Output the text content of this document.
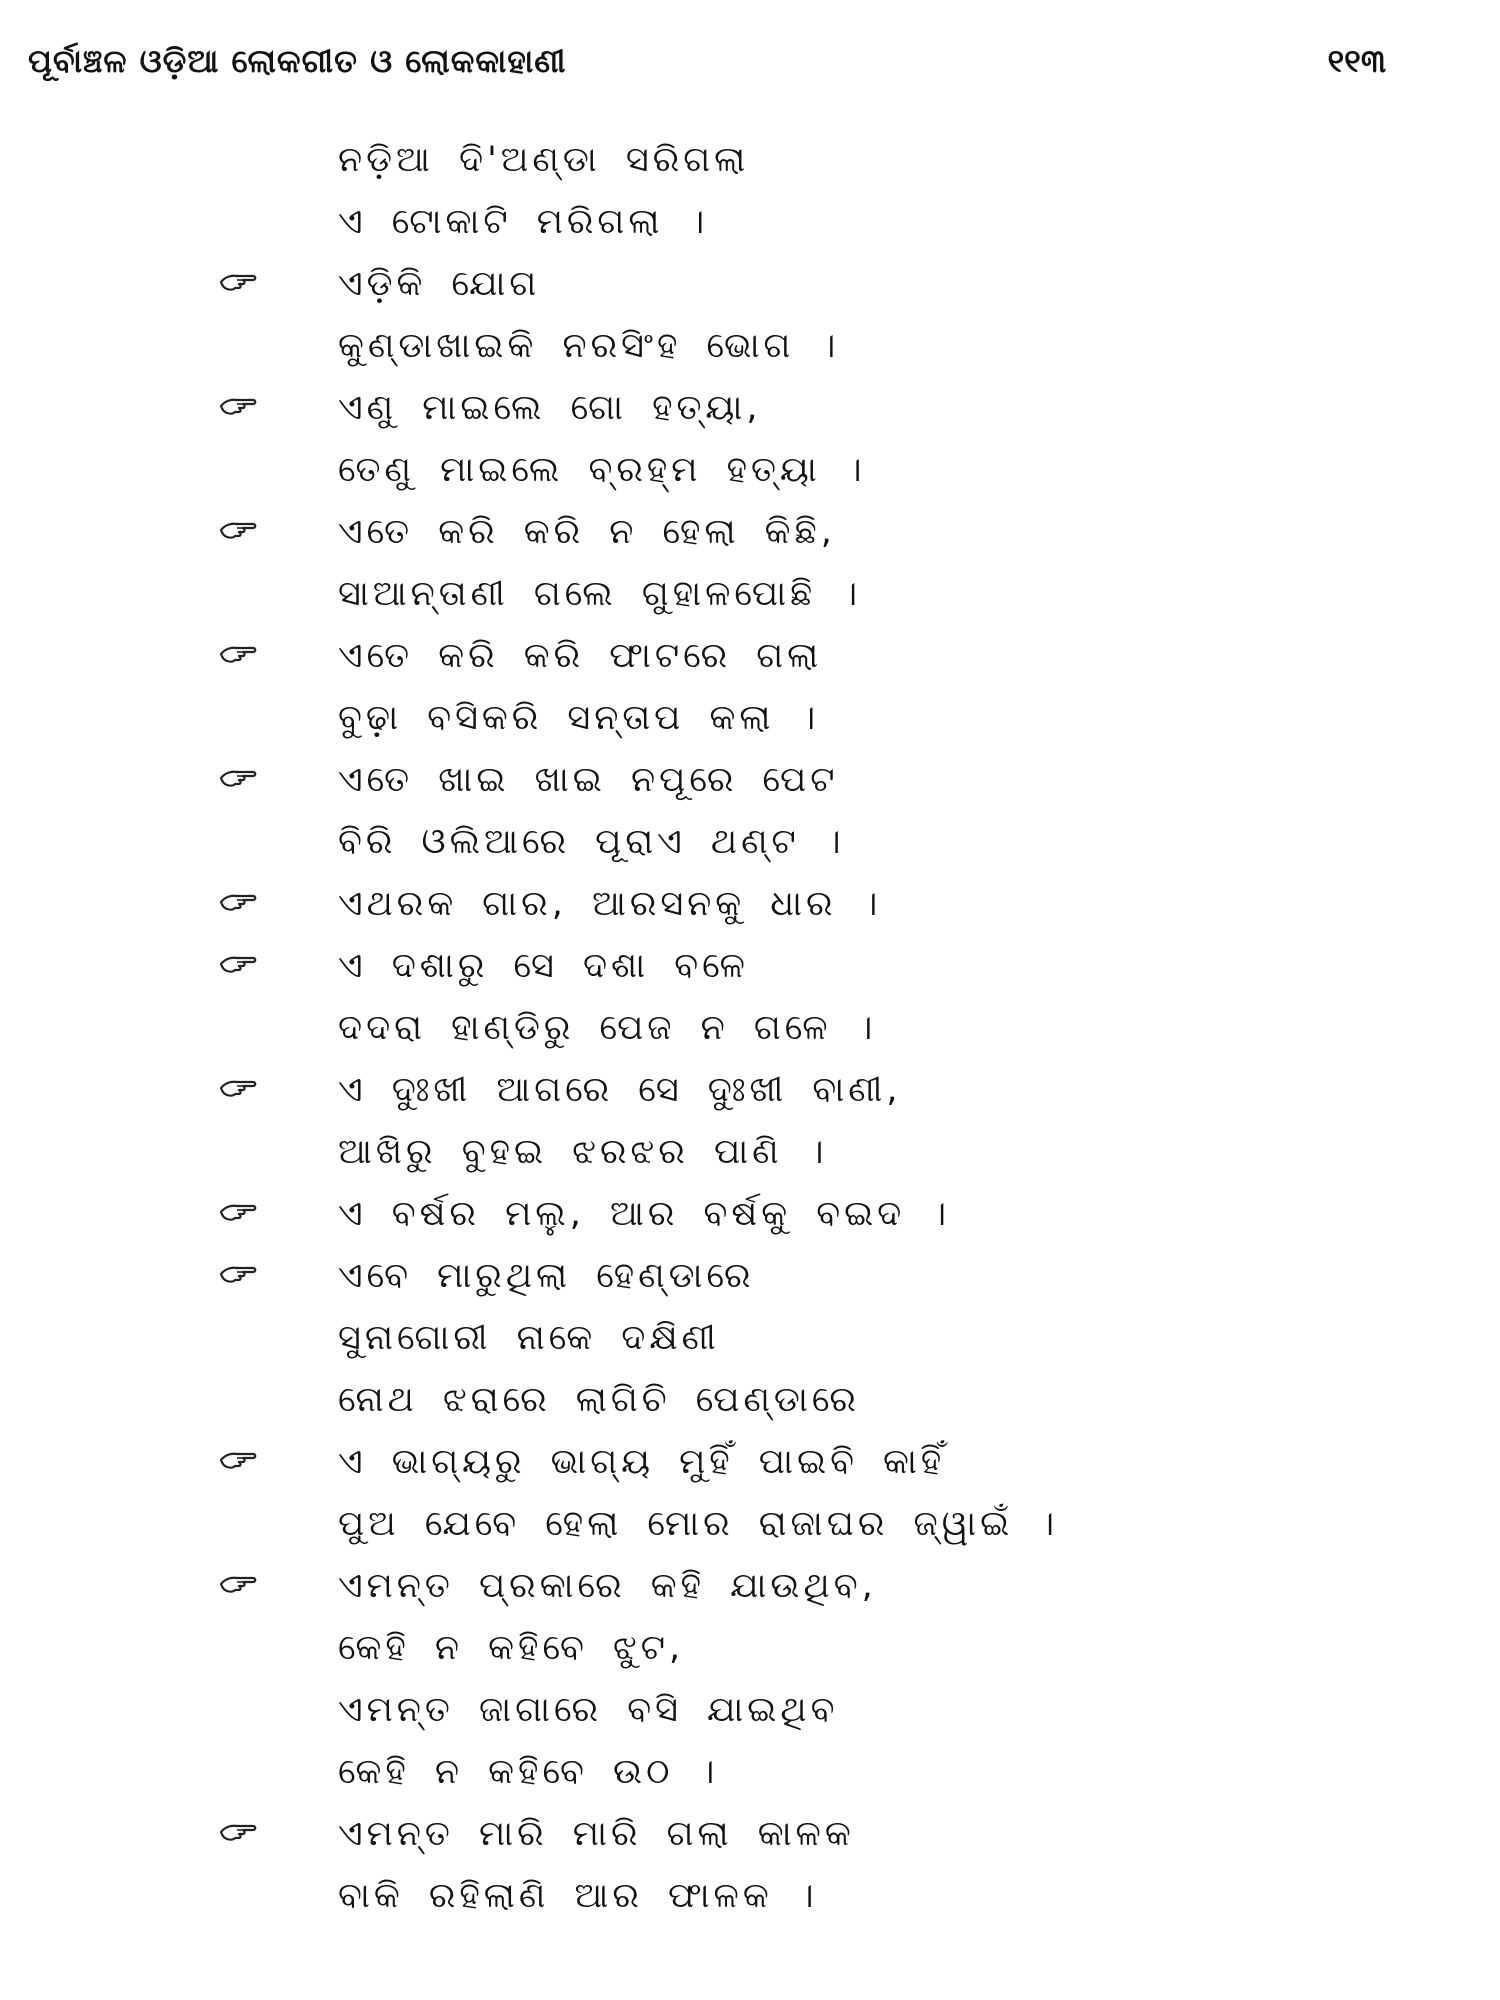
ପୂର୍ବାଞ୍ଚଳ ଓଡ଼ିଆ ଲୋକଗୀତ ଓ ଲୋକକାହାଣୀ	୧୧୩
ନଡ଼ିଆ ଦି'ଅଣ୍ଡା ସରିଗଲା
ଏ ଟୋକାଟି ମରିଗଲା ।
ଏଡ଼ିକି ଯୋଗ
କୁଣ୍ଡାଖାଇକି ନରସିଂହ ଭୋଗ ।
ଏଣୁ ମାଇଲେ ଗୋ ହତ୍ୟା,
ତେଣୁ ମାଇଲେ ବ୍ରହ୍ମ ହତ୍ୟା ।
ଏତେ କରି କରି ନ ହେଲା କିଛି,
ସାଆନ୍ତାଣୀ ଗଲେ ଗୁହାଳପୋଛି ।
ଏତେ କରି କରି ଫାଟରେ ଗଲା
ବୁଢ଼ା ବସିକରି ସନ୍ତାପ କଲା ।
ଏତେ ଖାଇ ଖାଇ ନପୂରେ ପେଟ
ବିରି ଓଲିଆରେ ପୂରାଏ ଥଣ୍ଟ ।
ଏଥରକ ଗାର, ଆରସନକୁ ଧାର ।
ଏ ଦଶାରୁ ସେ ଦଶା ବଳେ
ଦଦରା ହାଣ୍ଡିରୁ ପେଜ ନ ଗଳେ ।
ଏ ଦୁଃଖୀ ଆଗରେ ସେ ଦୁଃଖୀ ବାଣୀ,
ଆଖିରୁ ବୁହଇ ଝରଝର ପାଣି ।
ଏ ବର୍ଷର ମଲୁ, ଆର ବର୍ଷକୁ ବଇଦ ।
ଏବେ ମାରୁଥିଲା ହେଣ୍ଡାରେ
ସୁନାଗୋରୀ ନାକେ ଦକ୍ଷିଣୀ
ନୋଥ ଝରାରେ ଲାଗିଚି ପେଣ୍ଡାରେ
ଏ ଭାଗ୍ୟରୁ ଭାଗ୍ୟ ମୁହିଁ ପାଇବି କାହିଁ
ପୁଅ ଯେବେ ହେଲା ମୋର ରାଜାଘର ଜ୍ୱାଇଁ ।
ଏମନ୍ତ ପ୍ରକାରେ କହି ଯାଉଥିବ,
କେହି ନ କହିବେ ଝୁଟ,
ଏମନ୍ତ ଜାଗାରେ ବସି ଯାଇଥିବ
କେହି ନ କହିବେ ଉଠ ।
ଏମନ୍ତ ମାରି ମାରି ଗଲା କାଳକ
ବାକି ରହିଲାଣି ଆର ଫାଳକ ।
